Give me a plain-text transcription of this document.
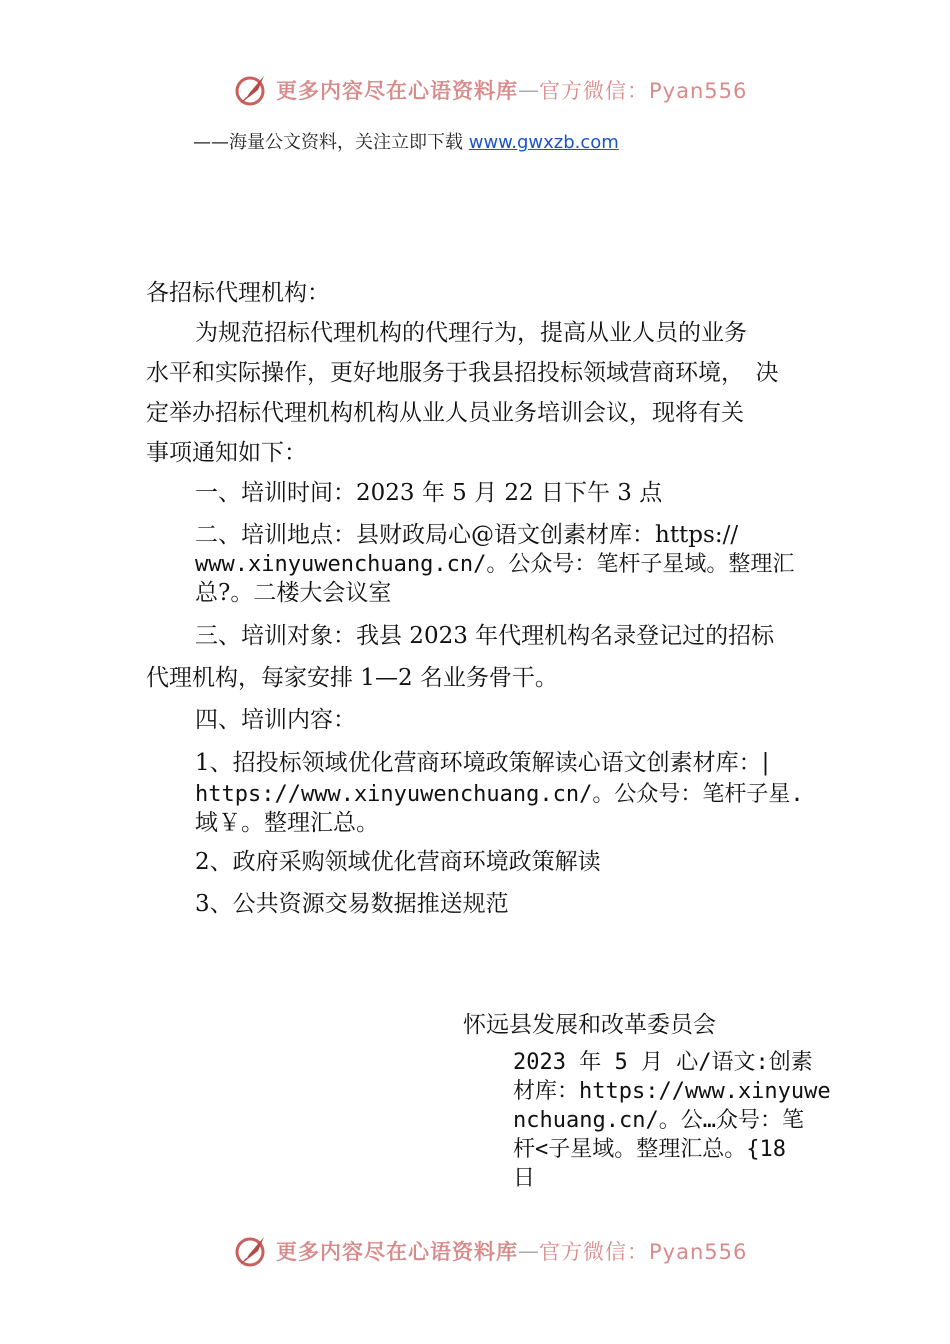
更多内容尽在心语资料库 — 官方微信：Pyan556
——海量公文资料，关注立即下载 www.gwxzb.com
各招标代理机构：
为规范招标代理机构的代理行为，提高从业人员的业务
水平和实际操作，更好地服务于我县招投标领域营商环境，　决
定举办招标代理机构机构从业人员业务培训会议，现将有关
事项通知如下：
一、培训时间：2023 年 5 月 22 日下午 3 点
二、培训地点：县财政局心@语文创素材库：https://
www.xinyuwenchuang.cn/。公众号：笔杆子星域。整理汇
总?。二楼大会议室
三、培训对象：我县 2023 年代理机构名录登记过的招标
代理机构，每家安排 1—2 名业务骨干。
四、培训内容：
1、招投标领域优化营商环境政策解读心语文创素材库：|
https://www.xinyuwenchuang.cn/。公众号：笔杆子星.
域￥。整理汇总。
2、政府采购领域优化营商环境政策解读
3、公共资源交易数据推送规范
怀远县发展和改革委员会
2023 年 5 月 心/语文:创素
材库：https://www.xinyuwe
nchuang.cn/。公…众号：笔
杆<子星域。整理汇总。{18
日
更多内容尽在心语资料库 — 官方微信：Pyan556
